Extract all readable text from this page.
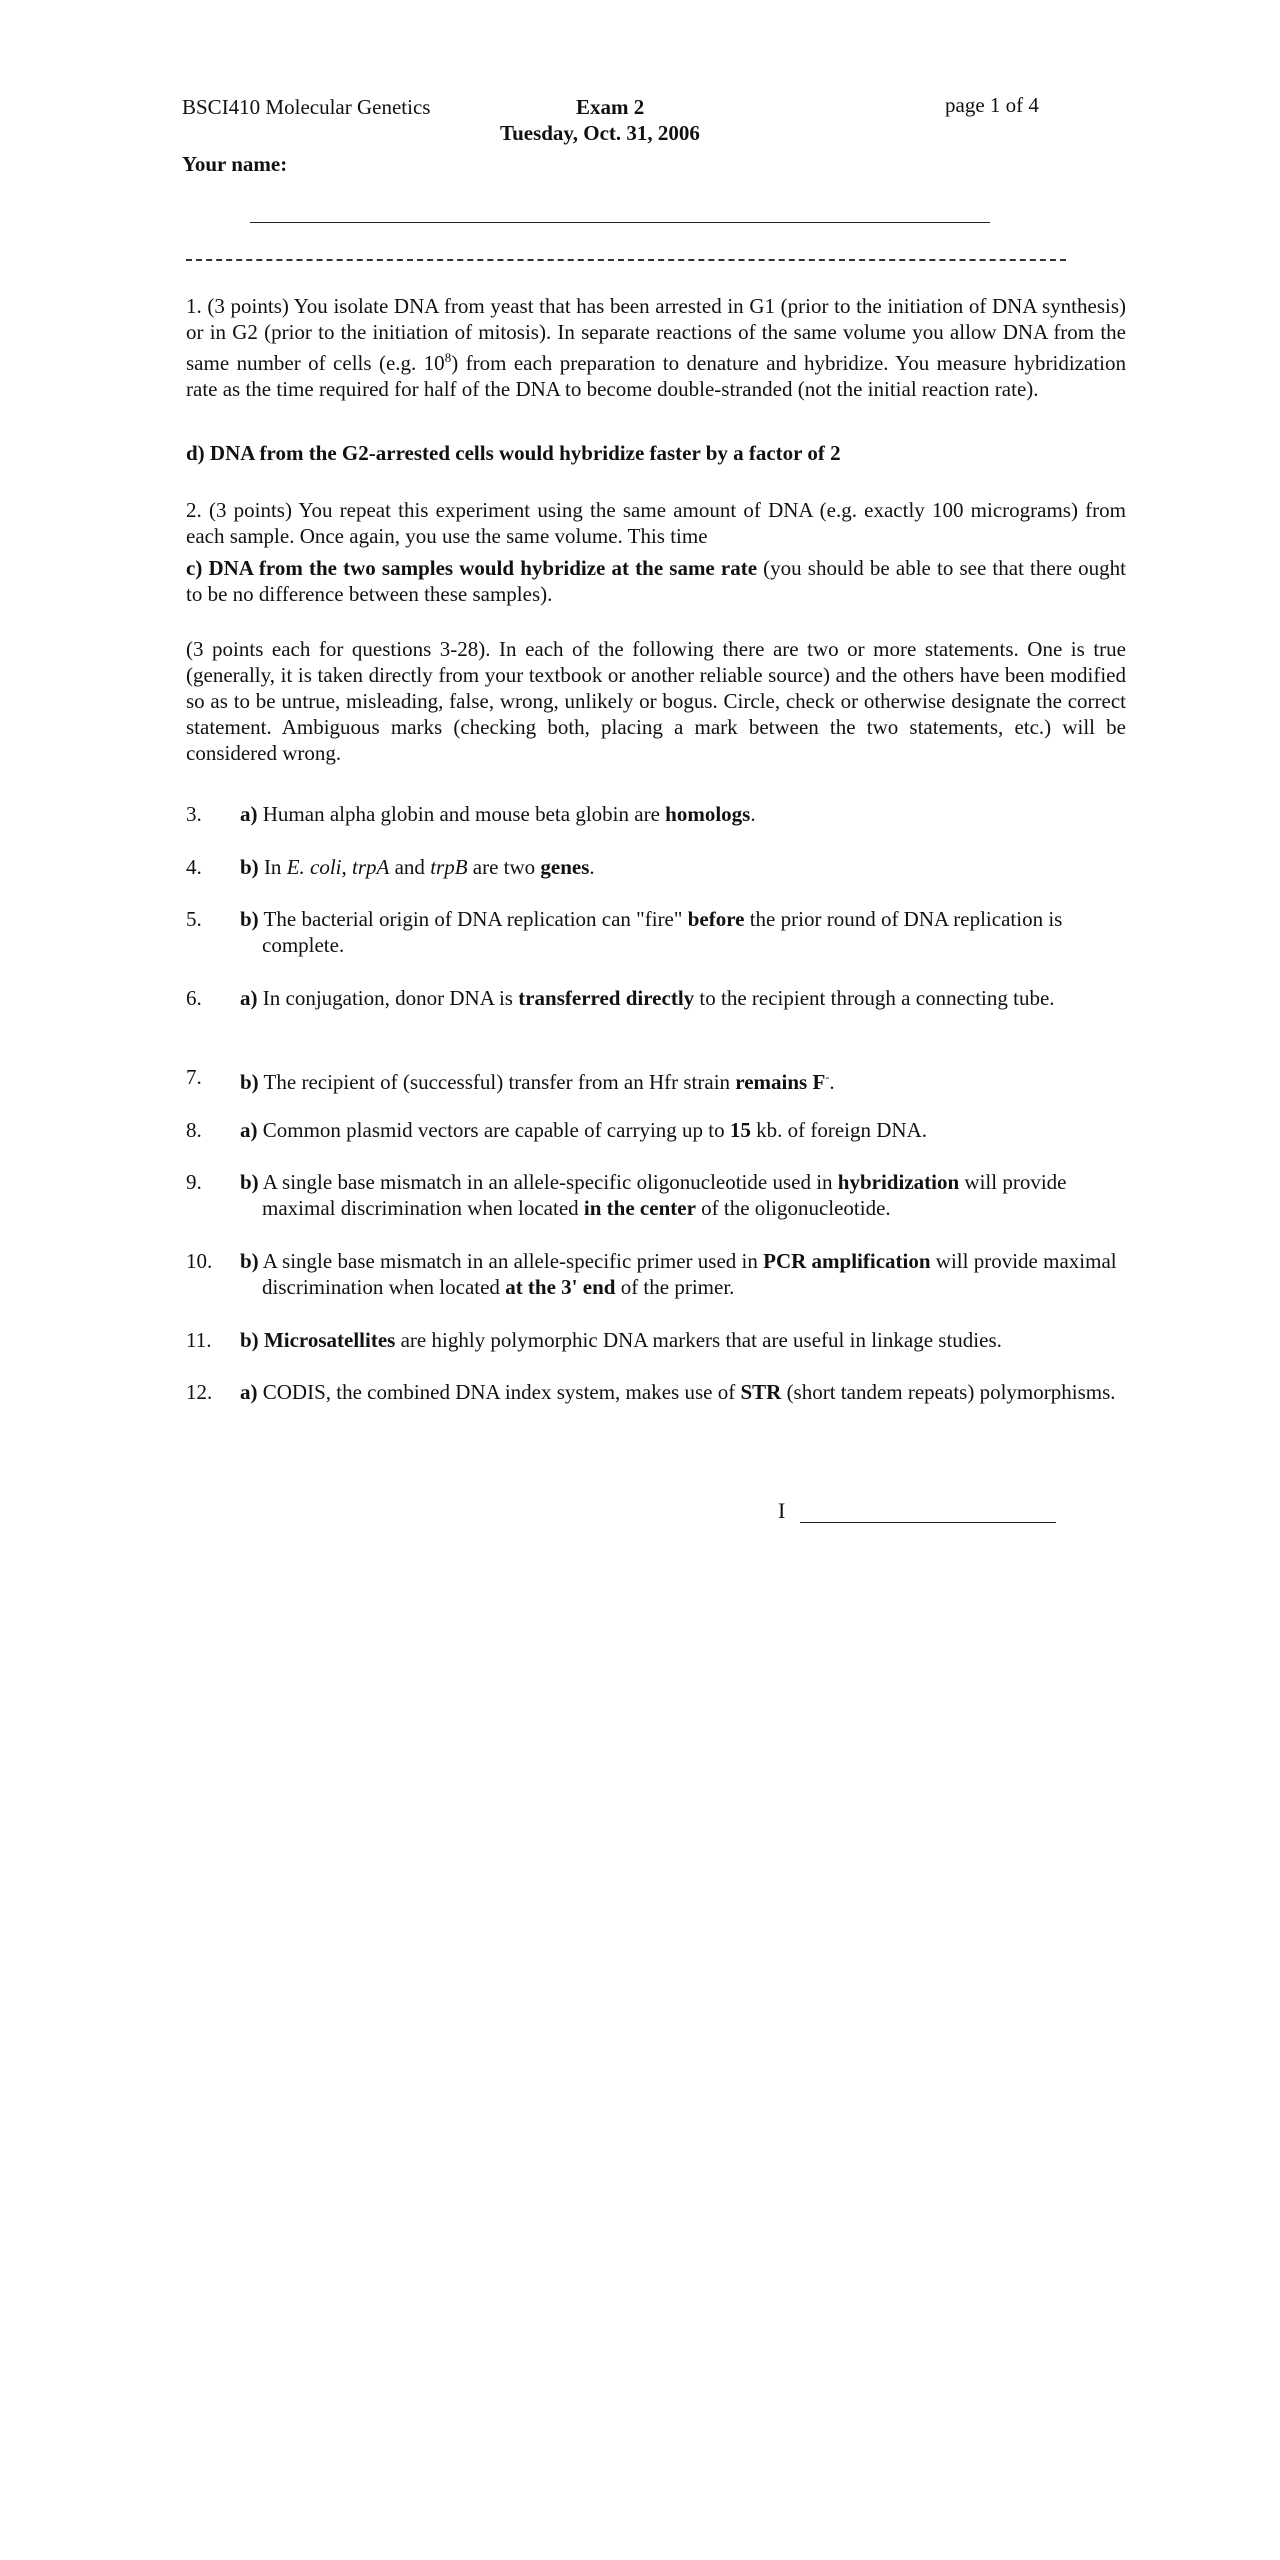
BSCI410 Molecular Genetics	Exam 2
Tuesday, Oct. 31, 2006
page 1 of 4
Your name:
1. (3 points) You isolate DNA from yeast that has been arrested in G1 (prior to the initiation of DNA synthesis) or in G2 (prior to the initiation of mitosis). In separate reactions of the same volume you allow DNA from the same number of cells (e.g. $10^8$) from each preparation to denature and hybridize. You measure hybridization rate as the time required for half of the DNA to become double-stranded (not the initial reaction rate).
d) DNA from the G2-arrested cells would hybridize faster by a factor of 2
2. (3 points) You repeat this experiment using the same amount of DNA (e.g. exactly 100 micrograms) from each sample. Once again, you use the same volume. This time
c) DNA from the two samples would hybridize at the same rate (you should be able to see that there ought to be no difference between these samples).
(3 points each for questions 3-28). In each of the following there are two or more statements. One is true (generally, it is taken directly from your textbook or another reliable source) and the others have been modified so as to be untrue, misleading, false, wrong, unlikely or bogus. Circle, check or otherwise designate the correct statement. Ambiguous marks (checking both, placing a mark between the two statements, etc.) will be considered wrong.
3.	a) Human alpha globin and mouse beta globin are homologs.
4.	b) In E. coli, trpA and trpB are two genes.
5.	b) The bacterial origin of DNA replication can "fire" before the prior round of DNA replication is complete.
6.	a) In conjugation, donor DNA is transferred directly to the recipient through a connecting tube.
7.	b) The recipient of (successful) transfer from an Hfr strain remains F-.
8.	a) Common plasmid vectors are capable of carrying up to 15 kb. of foreign DNA.
9.	b) A single base mismatch in an allele-specific oligonucleotide used in hybridization will provide maximal discrimination when located in the center of the oligonucleotide.
10.	b) A single base mismatch in an allele-specific primer used in PCR amplification will provide maximal discrimination when located at the 3' end of the primer.
11.	b) Microsatellites are highly polymorphic DNA markers that are useful in linkage studies.
12.	a) CODIS, the combined DNA index system, makes use of STR (short tandem repeats) polymorphisms.
I
